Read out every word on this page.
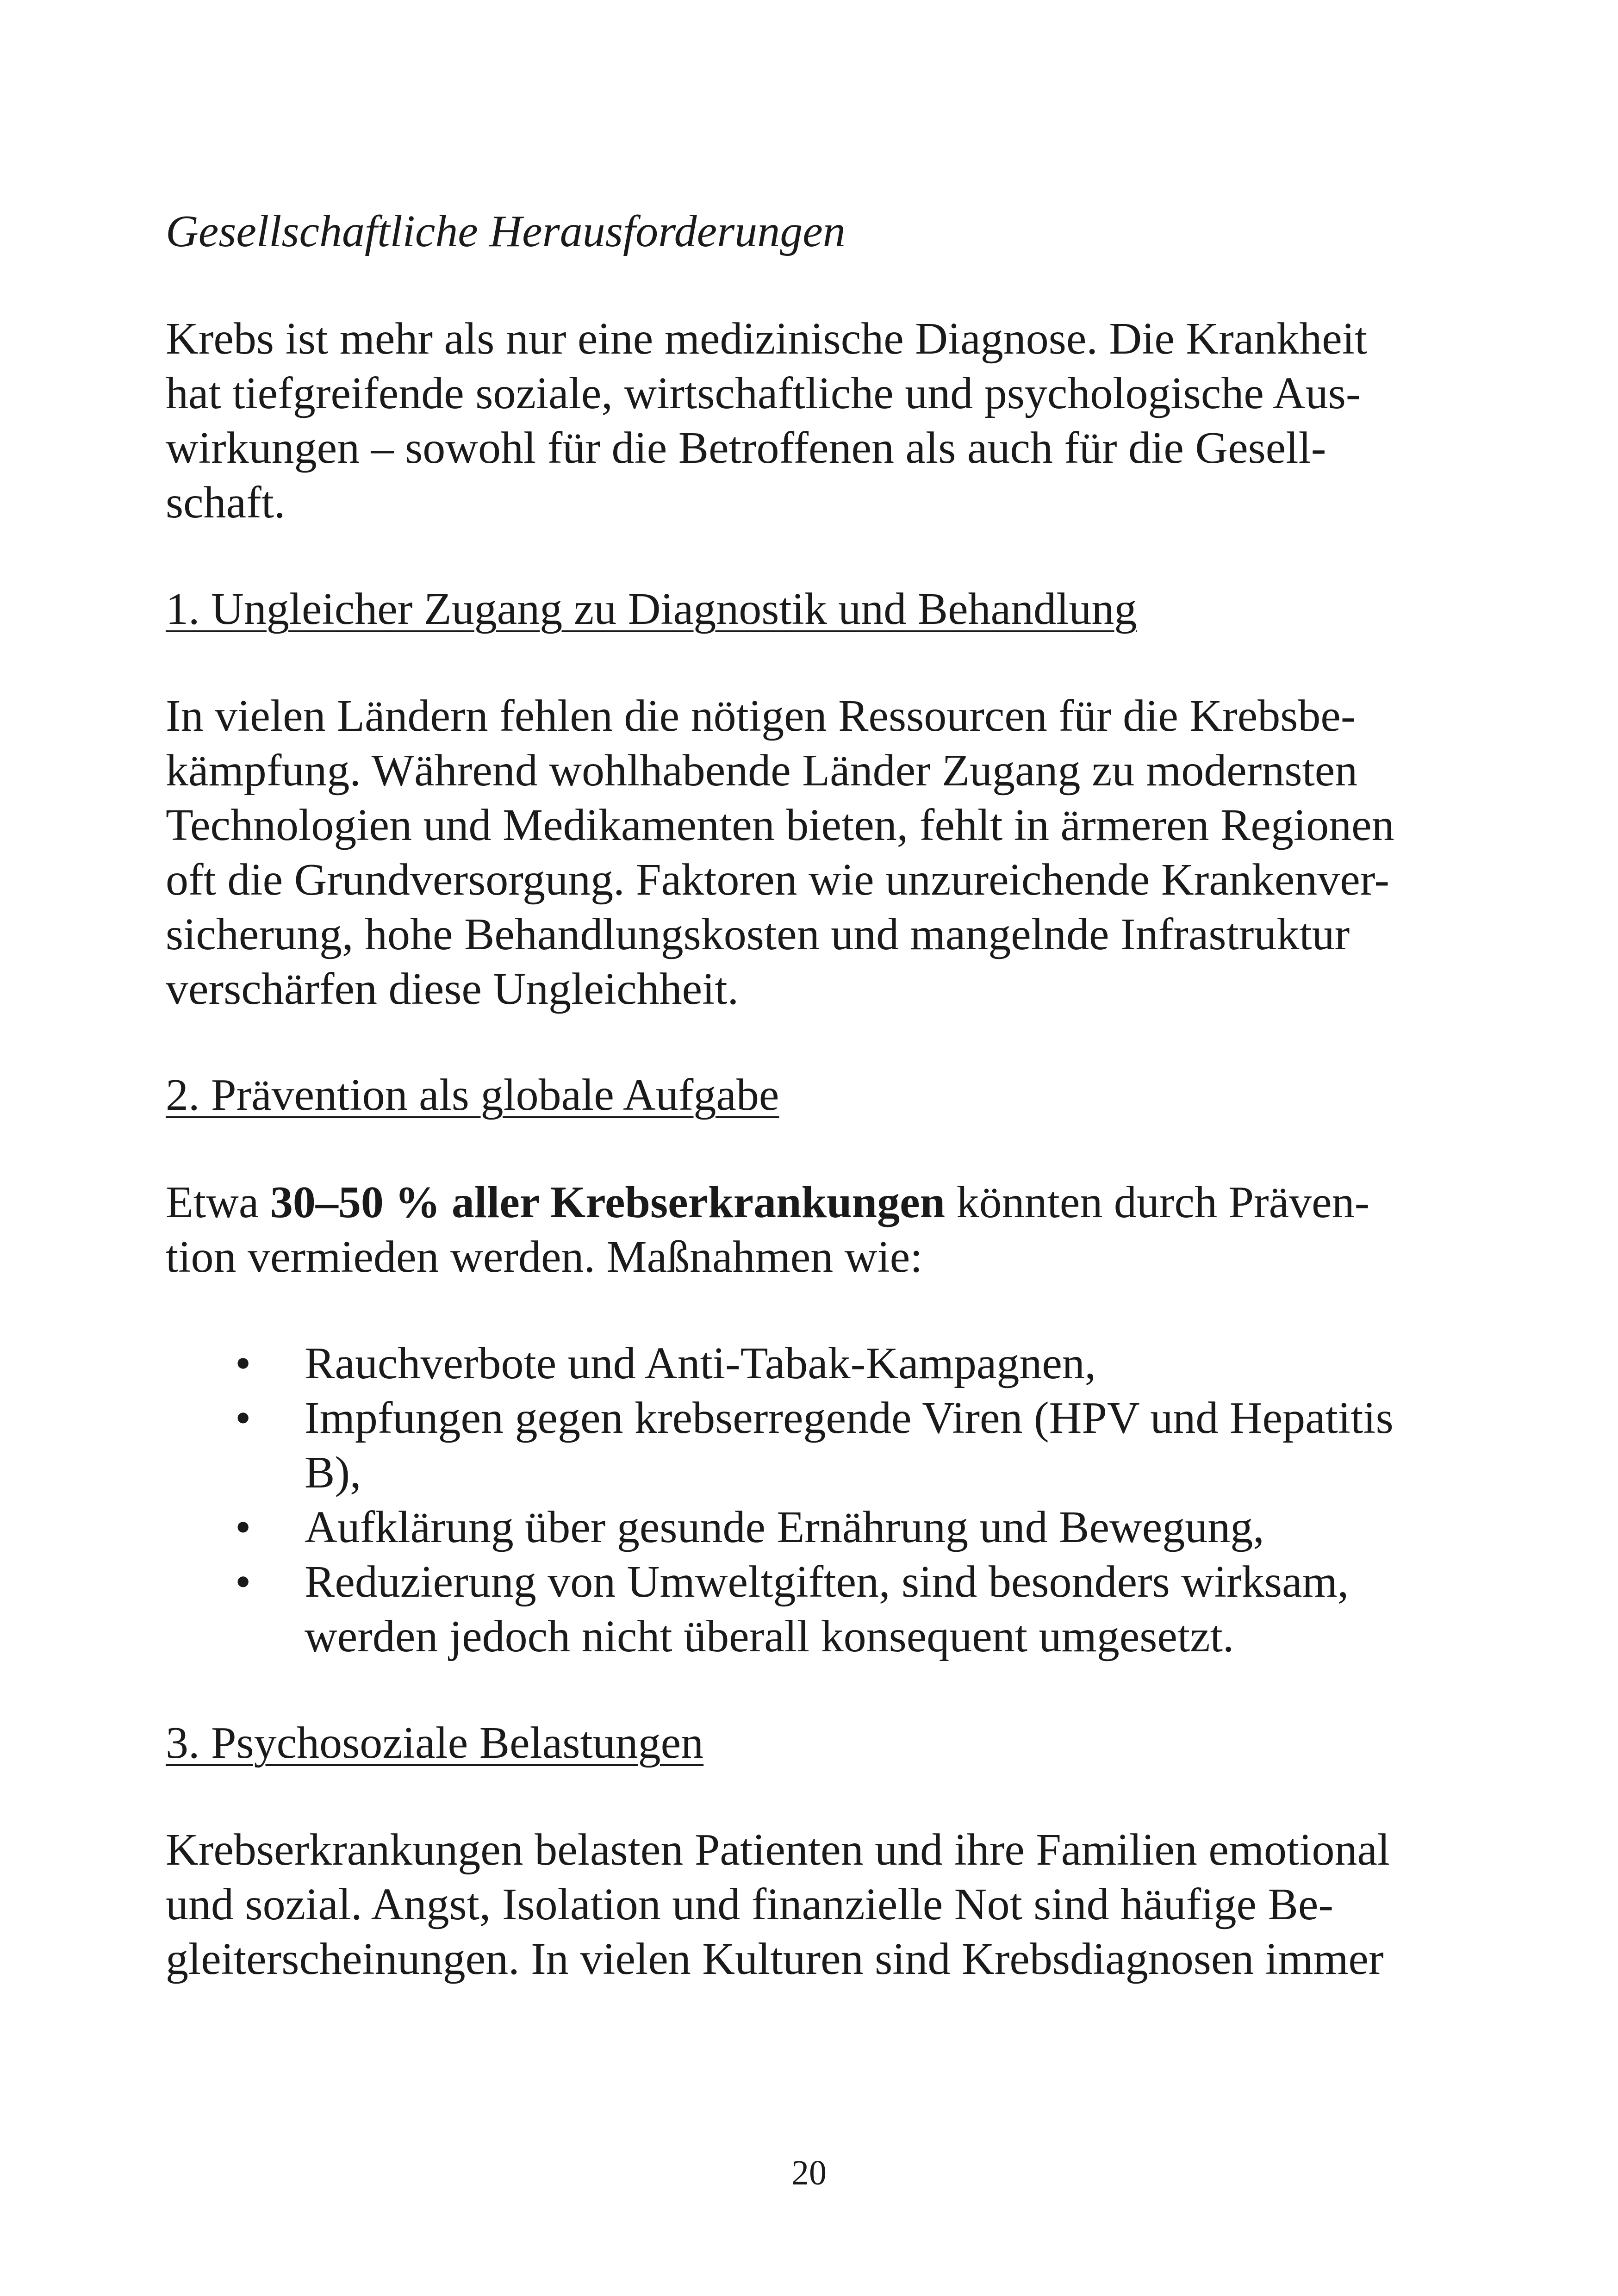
Gesellschaftliche Herausforderungen

Krebs ist mehr als nur eine medizinische Diagnose. Die Krankheit

hat tiefgreifende soziale, wirtschaftliche und psychologische Aus-

wirkungen – sowohl für die Betroffenen als auch für die Gesell-

schaft.

1. Ungleicher Zugang zu Diagnostik und Behandlung

In vielen Ländern fehlen die nötigen Ressourcen für die Krebsbe-

kämpfung. Während wohlhabende Länder Zugang zu modernsten

Technologien und Medikamenten bieten, fehlt in ärmeren Regionen

oft die Grundversorgung. Faktoren wie unzureichende Krankenver-

sicherung, hohe Behandlungskosten und mangelnde Infrastruktur

verschärfen diese Ungleichheit.

2. Prävention als globale Aufgabe

Etwa 30–50 % aller Krebserkrankungen könnten durch Präven-

tion vermieden werden. Maßnahmen wie:

• Rauchverbote und Anti-Tabak-Kampagnen,
• Impfungen gegen krebserregende Viren (HPV und Hepatitis
B),
• Aufklärung über gesunde Ernährung und Bewegung,
• Reduzierung von Umweltgiften, sind besonders wirksam,
werden jedoch nicht überall konsequent umgesetzt.

3. Psychosoziale Belastungen

Krebserkrankungen belasten Patienten und ihre Familien emotional

und sozial. Angst, Isolation und finanzielle Not sind häufige Be-

gleiterscheinungen. In vielen Kulturen sind Krebsdiagnosen immer

20
